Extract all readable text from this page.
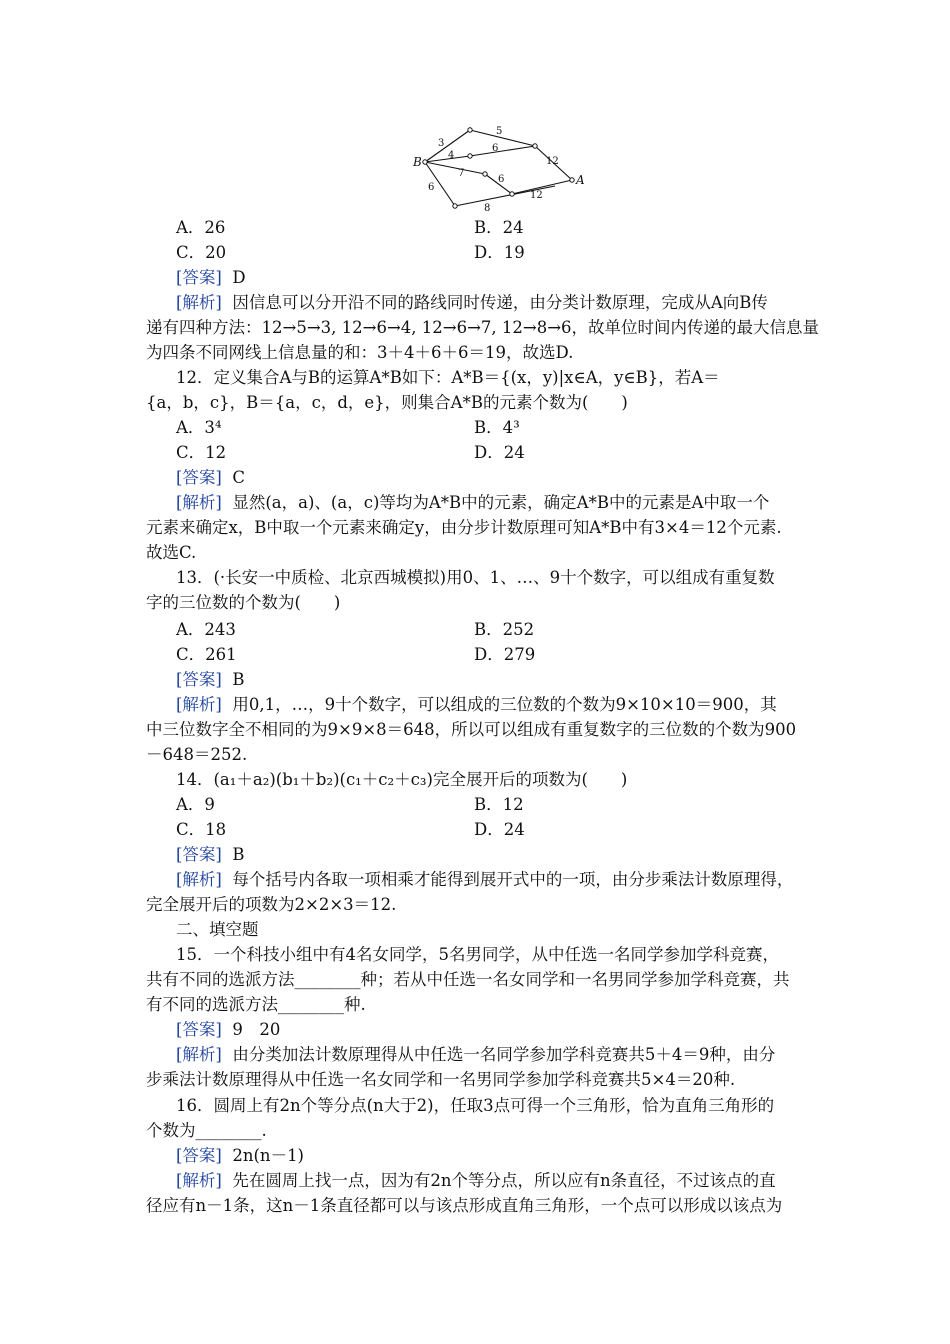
B
A
3
5
4
6
12
7
6
6
12
8
A．26	B．24
C．20	D．19
[答案] D
[解析] 因信息可以分开沿不同的路线同时传递，由分类计数原理，完成从A向B传
递有四种方法：12→5→3, 12→6→4, 12→6→7, 12→8→6，故单位时间内传递的最大信息量
为四条不同网线上信息量的和：3＋4＋6＋6＝19，故选D.
12．定义集合A与B的运算A*B如下：A*B＝{(x，y)|x∈A，y∈B}，若A＝
{a，b，c}，B＝{a，c，d，e}，则集合A*B的元素个数为(　　)
A．3⁴	B．4³
C．12	D．24
[答案] C
[解析] 显然(a，a)、(a，c)等均为A*B中的元素，确定A*B中的元素是A中取一个
元素来确定x，B中取一个元素来确定y，由分步计数原理可知A*B中有3×4＝12个元素.
故选C.
13．(·长安一中质检、北京西城模拟)用0、1、…、9十个数字，可以组成有重复数
字的三位数的个数为(　　)
A．243	B．252
C．261	D．279
[答案] B
[解析] 用0,1，…，9十个数字，可以组成的三位数的个数为9×10×10＝900，其
中三位数字全不相同的为9×9×8＝648，所以可以组成有重复数字的三位数的个数为900
－648＝252.
14．(a₁＋a₂)(b₁＋b₂)(c₁＋c₂＋c₃)完全展开后的项数为(　　)
A．9	B．12
C．18	D．24
[答案] B
[解析] 每个括号内各取一项相乘才能得到展开式中的一项，由分步乘法计数原理得，
完全展开后的项数为2×2×3＝12.
二、填空题
15．一个科技小组中有4名女同学，5名男同学，从中任选一名同学参加学科竞赛，
共有不同的选派方法________种；若从中任选一名女同学和一名男同学参加学科竞赛，共
有不同的选派方法________种.
[答案] 9　20
[解析] 由分类加法计数原理得从中任选一名同学参加学科竞赛共5＋4＝9种，由分
步乘法计数原理得从中任选一名女同学和一名男同学参加学科竞赛共5×4＝20种.
16．圆周上有2n个等分点(n大于2)，任取3点可得一个三角形，恰为直角三角形的
个数为________.
[答案] 2n(n－1)
[解析] 先在圆周上找一点，因为有2n个等分点，所以应有n条直径，不过该点的直
径应有n－1条，这n－1条直径都可以与该点形成直角三角形，一个点可以形成以该点为
